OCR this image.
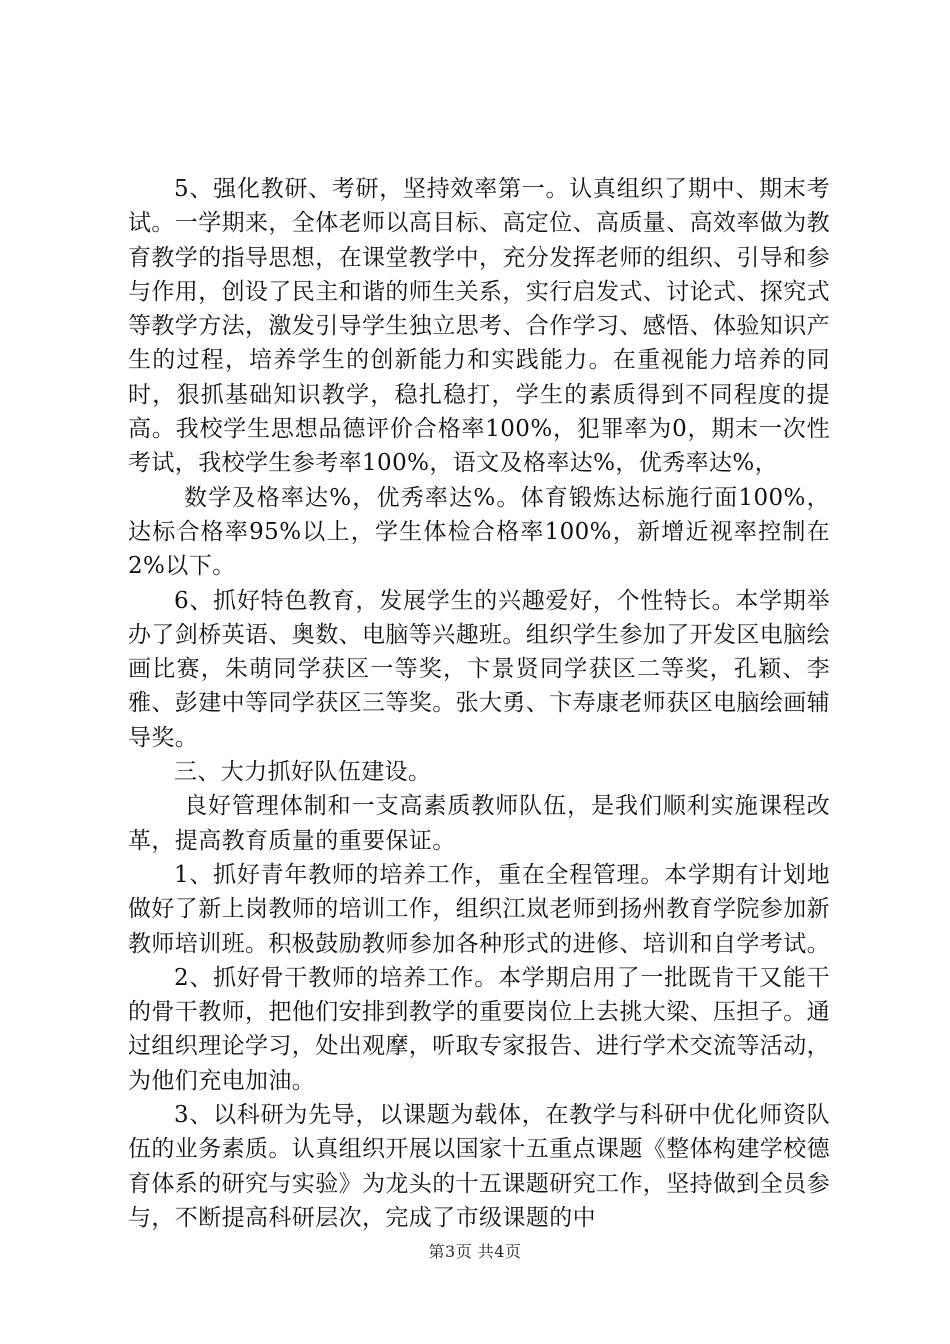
5、强化教研、考研，坚持效率第一。认真组织了期中、期末考试。一学期来，全体老师以高目标、高定位、高质量、高效率做为教育教学的指导思想，在课堂教学中，充分发挥老师的组织、引导和参与作用，创设了民主和谐的师生关系，实行启发式、讨论式、探究式等教学方法，激发引导学生独立思考、合作学习、感悟、体验知识产生的过程，培养学生的创新能力和实践能力。在重视能力培养的同时，狠抓基础知识教学，稳扎稳打，学生的素质得到不同程度的提高。我校学生思想品德评价合格率100%，犯罪率为0，期末一次性考试，我校学生参考率100%，语文及格率达%，优秀率达%，

数学及格率达%，优秀率达%。体育锻炼达标施行面100%，达标合格率95%以上，学生体检合格率100%，新增近视率控制在2%以下。

6、抓好特色教育，发展学生的兴趣爱好，个性特长。本学期举办了剑桥英语、奥数、电脑等兴趣班。组织学生参加了开发区电脑绘画比赛，朱萌同学获区一等奖，卞景贤同学获区二等奖，孔颖、李雅、彭建中等同学获区三等奖。张大勇、卞寿康老师获区电脑绘画辅导奖。

三、大力抓好队伍建设。

良好管理体制和一支高素质教师队伍，是我们顺利实施课程改革，提高教育质量的重要保证。

1、抓好青年教师的培养工作，重在全程管理。本学期有计划地做好了新上岗教师的培训工作，组织江岚老师到扬州教育学院参加新教师培训班。积极鼓励教师参加各种形式的进修、培训和自学考试。

2、抓好骨干教师的培养工作。本学期启用了一批既肯干又能干的骨干教师，把他们安排到教学的重要岗位上去挑大梁、压担子。通过组织理论学习，处出观摩，听取专家报告、进行学术交流等活动，为他们充电加油。

3、以科研为先导，以课题为载体，在教学与科研中优化师资队伍的业务素质。认真组织开展以国家十五重点课题《整体构建学校德育体系的研究与实验》为龙头的十五课题研究工作，坚持做到全员参与，不断提高科研层次，完成了市级课题的中

第3页 共4页
